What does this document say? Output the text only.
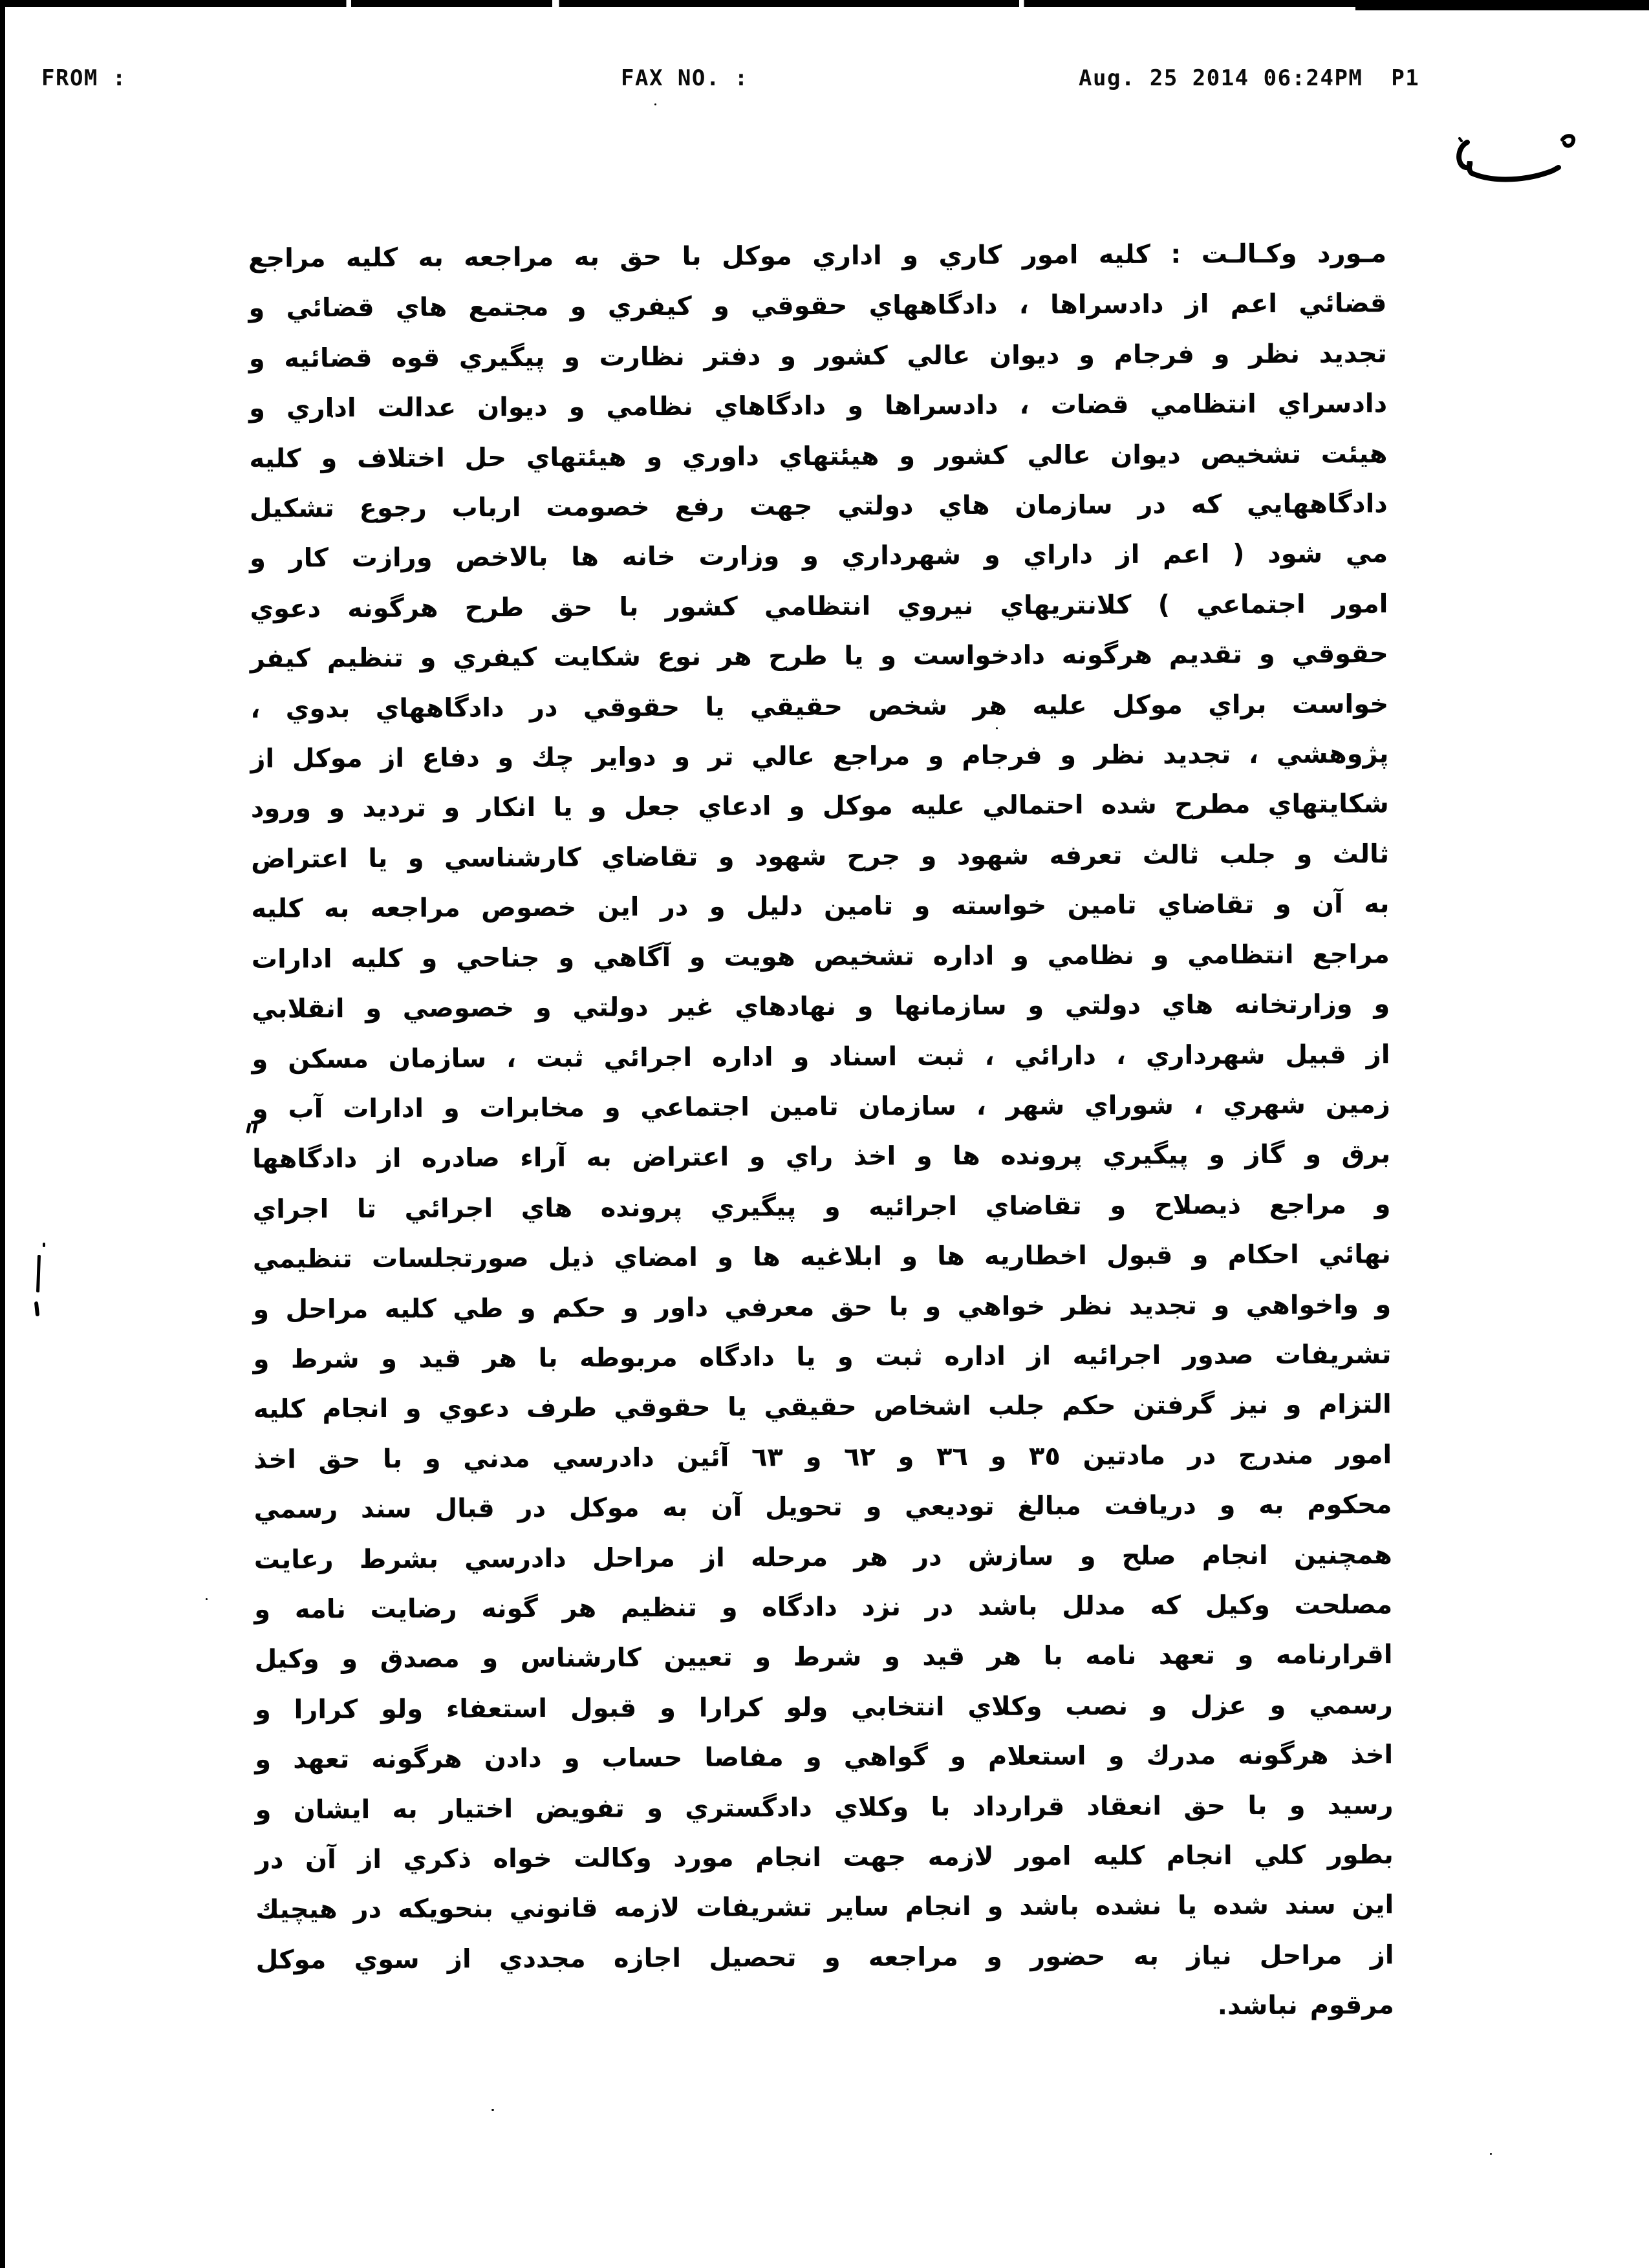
FROM :	FAX NO. :	Aug. 25 2014 06:24PM  P1
مـورد وکـالـت : کلیه امور کاري و اداري موکل با حق به مراجعه به کلیه مراجع
قضائي اعم از دادسراها ، دادگاههاي حقوقي و کیفري و مجتمع هاي قضائي و
تجدید نظر و فرجام و دیوان عالي کشور و دفتر نظارت و پیگیري قوه قضائیه و
دادسراي انتظامي قضات ، دادسراها و دادگاهاي نظامي و دیوان عدالت اداري و
هیئت تشخیص دیوان عالي کشور و هیئتهاي داوري و هیئتهاي حل اختلاف و کلیه
دادگاههایي که در سازمان هاي دولتي جهت رفع خصومت ارباب رجوع تشکیل
مي شود ( اعم از داراي و شهرداري و وزارت خانه ها بالاخص ورازت کار و
امور اجتماعي ) کلانتریهاي نیروي انتظامي کشور با حق طرح هرگونه دعوي
حقوقي و تقدیم هرگونه دادخواست و یا طرح هر نوع شکایت کیفري و تنظیم کیفر
خواست براي موکل علیه هر شخص حقیقي یا حقوقي در دادگاههاي بدوي ،
پژوهشي ، تجدید نظر و فرجام و مراجع عالي تر و دوایر چك و دفاع از موکل از
شکایتهاي مطرح شده احتمالي علیه موکل و ادعاي جعل و یا انکار و تردید و ورود
ثالث و جلب ثالث تعرفه شهود و جرح شهود و تقاضاي کارشناسي و یا اعتراض
به آن و تقاضاي تامین خواسته و تامین دلیل و در این خصوص مراجعه به کلیه
مراجع انتظامي و نظامي و اداره تشخیص هویت و آگاهي و جناحي و کلیه ادارات
و وزارتخانه هاي دولتي و سازمانها و نهادهاي غیر دولتي و خصوصي و انقلابي
از قبیل شهرداري ، دارائي ، ثبت اسناد و اداره اجرائي ثبت ، سازمان مسکن و
زمین شهري ، شوراي شهر ، سازمان تامین اجتماعي و مخابرات و ادارات آب و
برق و گاز و پیگیري پرونده ها و اخذ راي و اعتراض به آراء صادره از دادگاهها
و مراجع ذیصلاح و تقاضاي اجرائیه و پیگیري پرونده هاي اجرائي تا اجراي
نهائي احکام و قبول اخطاریه ها و ابلاغیه ها و امضاي ذیل صورتجلسات تنظیمي
و واخواهي و تجدید نظر خواهي و با حق معرفي داور و حکم و طي کلیه مراحل و
تشریفات صدور اجرائیه از اداره ثبت و یا دادگاه مربوطه با هر قید و شرط و
التزام و نیز گرفتن حکم جلب اشخاص حقیقي یا حقوقي طرف دعوي و انجام کلیه
امور مندرج در مادتین ٣٥ و ٣٦ و ٦٢ و ٦٣ آئین دادرسي مدني و با حق اخذ
محکوم به و دریافت مبالغ تودیعي و تحویل آن به موکل در قبال سند رسمي
همچنین انجام صلح و سازش در هر مرحله از مراحل دادرسي بشرط رعایت
مصلحت وکیل که مدلل باشد در نزد دادگاه و تنظیم هر گونه رضایت نامه و
اقرارنامه و تعهد نامه با هر قید و شرط و تعیین کارشناس و مصدق و وکیل
رسمي و عزل و نصب وکلاي انتخابي ولو کرارا و قبول استعفاء ولو کرارا و
اخذ هرگونه مدرك و استعلام و گواهي و مفاصا حساب و دادن هرگونه تعهد و
رسید و با حق انعقاد قرارداد با وکلاي دادگستري و تفویض اختیار به ایشان و
بطور کلي انجام کلیه امور لازمه جهت انجام مورد وکالت خواه ذکري از آن در
این سند شده یا نشده باشد و انجام سایر تشریفات لازمه قانوني بنحویکه در هیچیك
از مراحل نیاز به حضور و مراجعه و تحصیل اجازه مجددي از سوي موکل
مرقوم نباشد.
